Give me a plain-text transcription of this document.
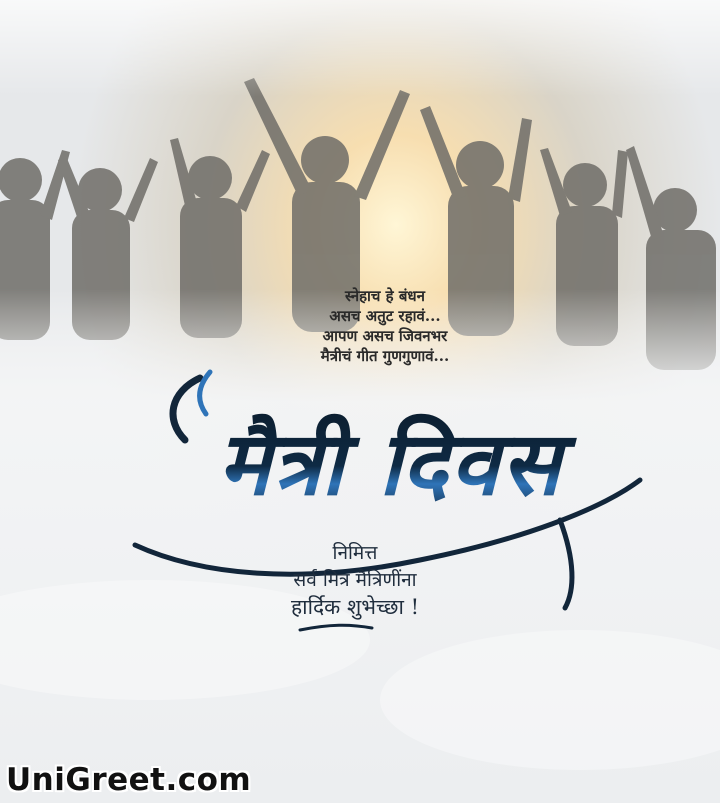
स्नेहाच हे बंधन
असच अतुट रहावं...
आपण असच जिवनभर
मैत्रीचं गीत गुणगुणावं...
मैत्री दिवस
निमित्त
सर्व मित्र मैत्रिणींना
हार्दिक शुभेच्छा !
UniGreet.com
